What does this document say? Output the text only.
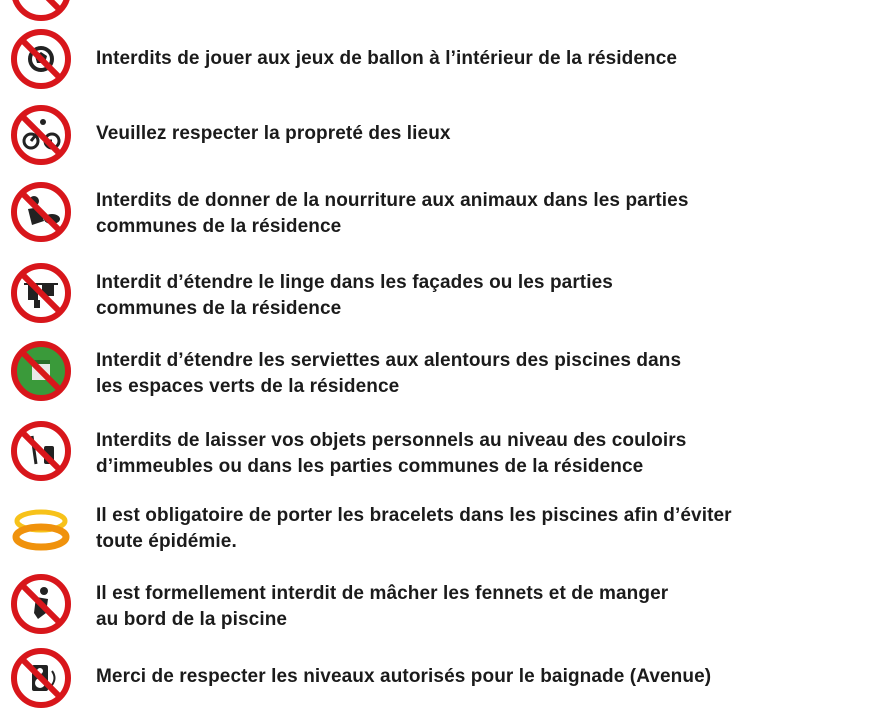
Interdits de jouer aux jeux de ballon à l’intérieur de la résidence
Veuillez respecter la propreté des lieux
Interdits de donner de la nourriture aux animaux dans les parties
communes de la résidence
Interdit d’étendre le linge dans les façades ou les parties
communes de la résidence
Interdit d’étendre les serviettes aux alentours des piscines dans
les espaces verts de la résidence
Interdits de laisser vos objets personnels au niveau des couloirs
d’immeubles ou dans les parties communes de la résidence
Il est obligatoire de porter les bracelets dans les piscines afin d’éviter
toute épidémie.
Il est formellement interdit de mâcher les fennets et de manger
au bord de la piscine
Merci de respecter les niveaux autorisés pour le baignade (Avenue)
